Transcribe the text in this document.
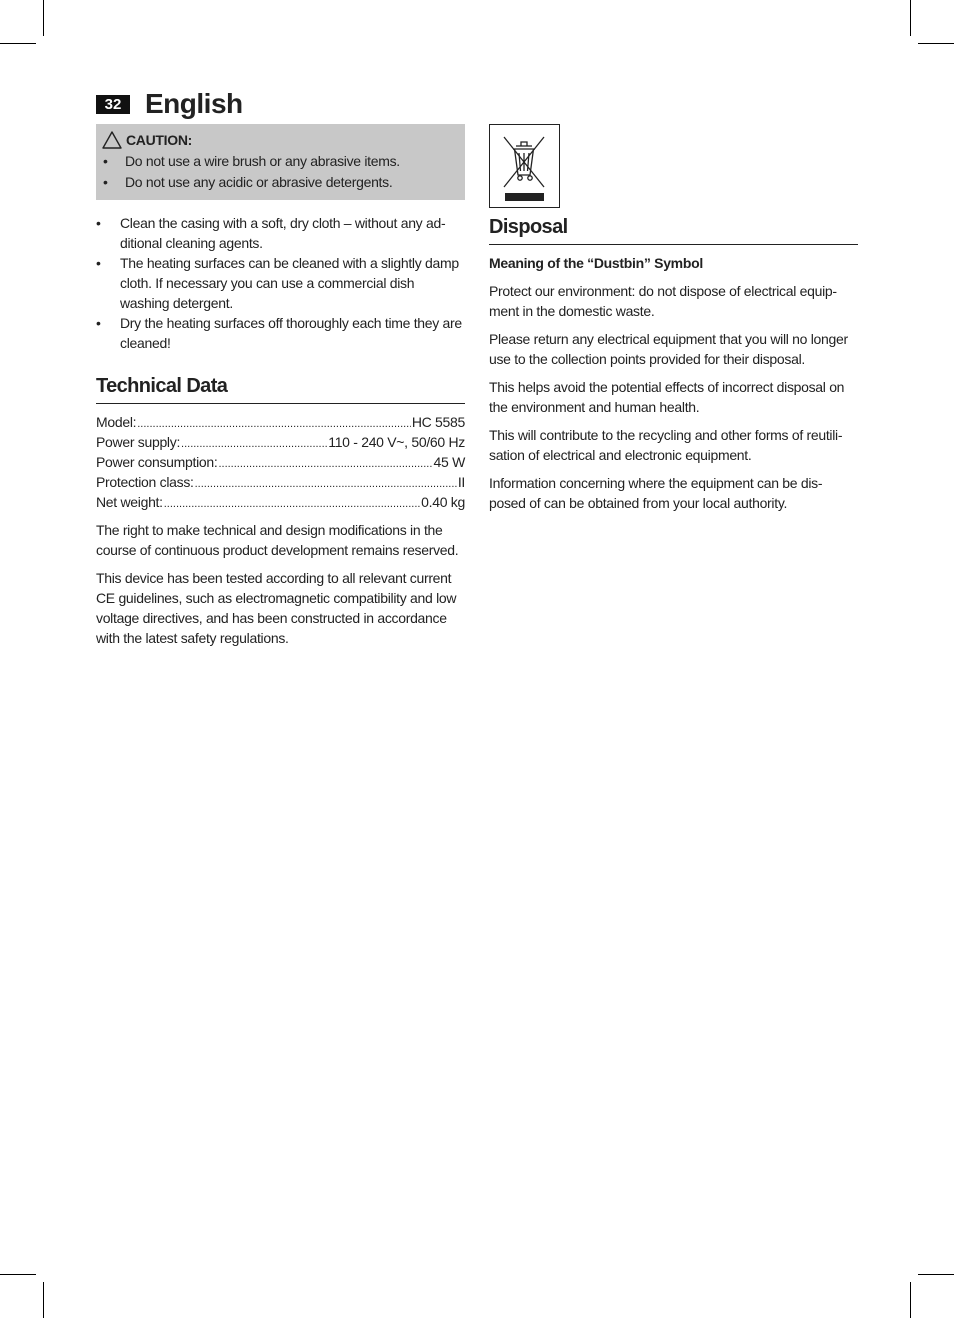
32 English
CAUTION:
• Do not use a wire brush or any abrasive items.
• Do not use any acidic or abrasive detergents.
• Clean the casing with a soft, dry cloth – without any ad-ditional cleaning agents.
• The heating surfaces can be cleaned with a slightly damp cloth. If necessary you can use a commercial dish washing detergent.
• Dry the heating surfaces off thoroughly each time they are cleaned!
Technical Data
Model: .....	HC 5585
Power supply: .....	110 - 240 V~, 50/60 Hz
Power consumption: .....	45 W
Protection class: .....	II
Net weight: .....	0.40 kg

The right to make technical and design modifications in the course of continuous product development remains reserved.

This device has been tested according to all relevant current CE guidelines, such as electromagnetic compatibility and low voltage directives, and has been constructed in accordance with the latest safety regulations.

Disposal

Meaning of the “Dustbin” Symbol

Protect our environment: do not dispose of electrical equip-ment in the domestic waste.

Please return any electrical equipment that you will no longer use to the collection points provided for their disposal.

This helps avoid the potential effects of incorrect disposal on the environment and human health.

This will contribute to the recycling and other forms of reutili-sation of electrical and electronic equipment.

Information concerning where the equipment can be dis-posed of can be obtained from your local authority.
